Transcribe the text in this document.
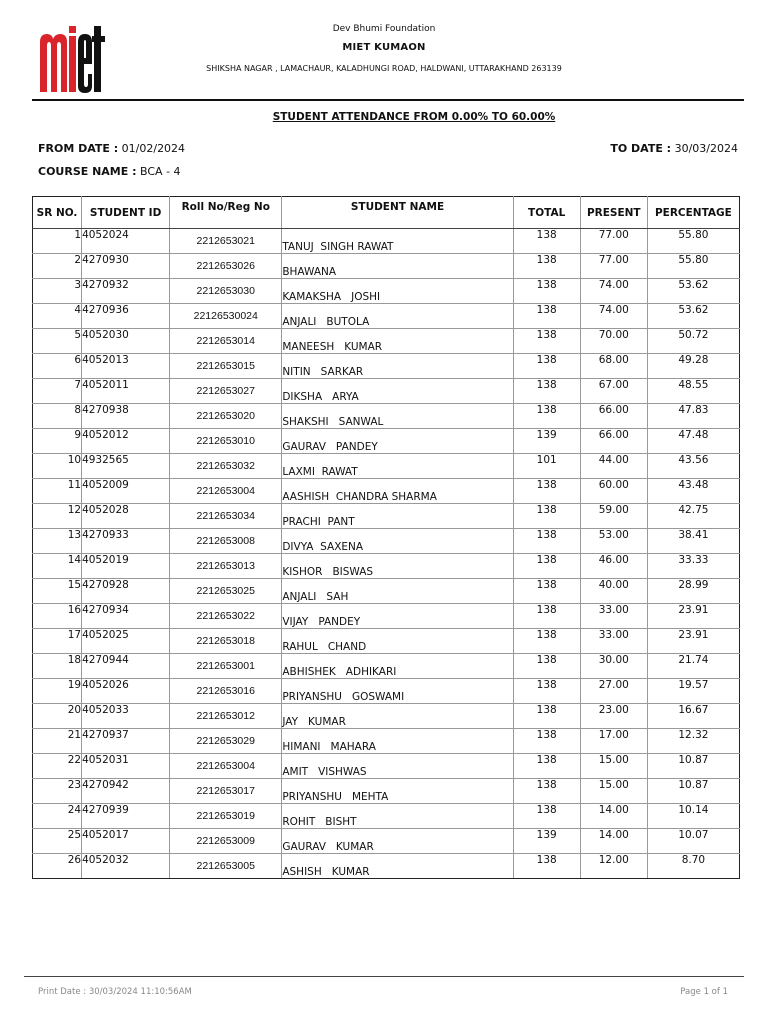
Dev Bhumi Foundation
MIET KUMAON
SHIKSHA NAGAR , LAMACHAUR, KALADHUNGI ROAD, HALDWANI, UTTARAKHAND 263139
STUDENT ATTENDANCE FROM 0.00% TO 60.00%
FROM DATE : 01/02/2024	TO DATE : 30/03/2024
COURSE NAME : BCA - 4
SR NO.	STUDENT ID	Roll No/Reg No	STUDENT NAME	TOTAL	PRESENT	PERCENTAGE
1	4052024	2212653021	TANUJ  SINGH RAWAT	138	77.00	55.80
2	4270930	2212653026	BHAWANA	138	77.00	55.80
3	4270932	2212653030	KAMAKSHA   JOSHI	138	74.00	53.62
4	4270936	22126530024	ANJALI   BUTOLA	138	74.00	53.62
5	4052030	2212653014	MANEESH   KUMAR	138	70.00	50.72
6	4052013	2212653015	NITIN   SARKAR	138	68.00	49.28
7	4052011	2212653027	DIKSHA   ARYA	138	67.00	48.55
8	4270938	2212653020	SHAKSHI   SANWAL	138	66.00	47.83
9	4052012	2212653010	GAURAV   PANDEY	139	66.00	47.48
10	4932565	2212653032	LAXMI  RAWAT	101	44.00	43.56
11	4052009	2212653004	AASHISH  CHANDRA SHARMA	138	60.00	43.48
12	4052028	2212653034	PRACHI  PANT	138	59.00	42.75
13	4270933	2212653008	DIVYA  SAXENA	138	53.00	38.41
14	4052019	2212653013	KISHOR   BISWAS	138	46.00	33.33
15	4270928	2212653025	ANJALI   SAH	138	40.00	28.99
16	4270934	2212653022	VIJAY   PANDEY	138	33.00	23.91
17	4052025	2212653018	RAHUL   CHAND	138	33.00	23.91
18	4270944	2212653001	ABHISHEK   ADHIKARI	138	30.00	21.74
19	4052026	2212653016	PRIYANSHU   GOSWAMI	138	27.00	19.57
20	4052033	2212653012	JAY   KUMAR	138	23.00	16.67
21	4270937	2212653029	HIMANI   MAHARA	138	17.00	12.32
22	4052031	2212653004	AMIT   VISHWAS	138	15.00	10.87
23	4270942	2212653017	PRIYANSHU   MEHTA	138	15.00	10.87
24	4270939	2212653019	ROHIT   BISHT	138	14.00	10.14
25	4052017	2212653009	GAURAV   KUMAR	139	14.00	10.07
26	4052032	2212653005	ASHISH   KUMAR	138	12.00	8.70
Print Date : 30/03/2024 11:10:56AM	Page 1 of 1
